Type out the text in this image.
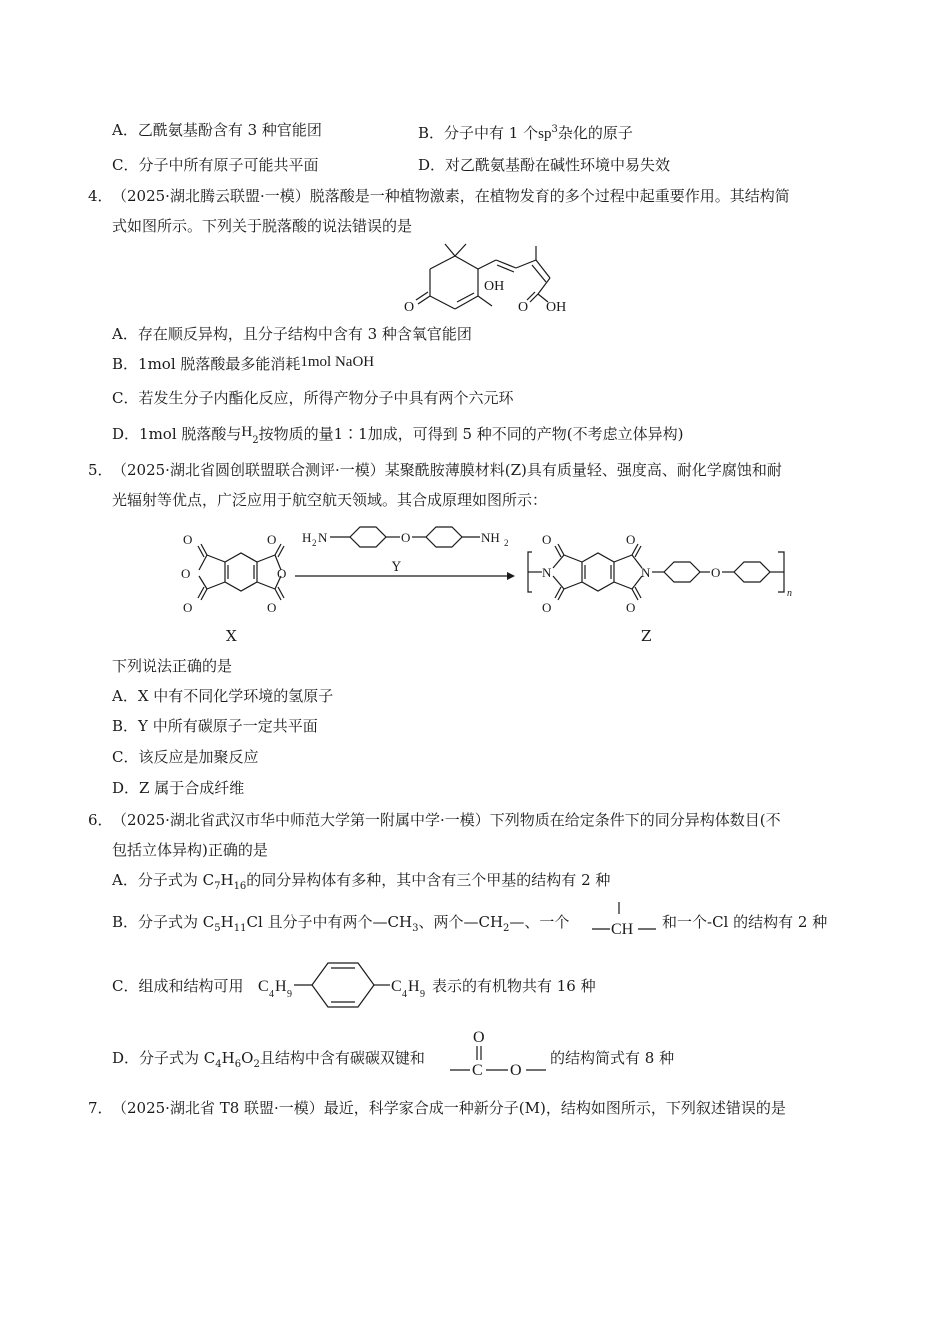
A．乙酰氨基酚含有 3 种官能团	B．分子中有 1 个$sp^3$杂化的原子
C．分子中所有原子可能共平面	D．对乙酰氨基酚在碱性环境中易失效
4． （2025·湖北腾云联盟·一模）脱落酸是一种植物激素，在植物发育的多个过程中起重要作用。其结构简
式如图所示。下列关于脱落酸的说法错误的是
O
OH
O OH
A．存在顺反异构，且分子结构中含有 3 种含氧官能团
B．1mol 脱落酸最多能消耗1mol NaOH
C．若发生分子内酯化反应，所得产物分子中具有两个六元环
D．1mol 脱落酸与$H_2$按物质的量1∶1加成，可得到 5 种不同的产物(不考虑立体异构)
5． （2025·湖北省圆创联盟联合测评·一模）某聚酰胺薄膜材料(Z)具有质量轻、强度高、耐化学腐蚀和耐
光辐射等优点，广泛应用于航空航天领域。其合成原理如图所示：
O
O
O
O
O
O
X
H 2 N	O	NH 2
Y	N
O
O
O
O
N	O
n
Z
下列说法正确的是
A．X 中有不同化学环境的氢原子
B．Y 中所有碳原子一定共平面
C．该反应是加聚反应
D．Z 属于合成纤维
6． （2025·湖北省武汉市华中师范大学第一附属中学·一模）下列物质在给定条件下的同分异构体数目(不
包括立体异构)正确的是
A．分子式为 $C_7H_{16}$的同分异构体有多种，其中含有三个甲基的结构有 2 种
B．分子式为 $C_5H_{11}Cl$ 且分子中有两个$—CH_3$、两个$—CH_2—$、一个	CH 和一个-Cl 的结构有 2 种
C．组成和结构可用 C 4 H 9	C 4 H 9 表示的有机物共有 16 种
D．分子式为 $C_4H_6O_2$且结构中含有碳碳双键和
O
C O
的结构简式有 8 种
7． （2025·湖北省 T8 联盟·一模）最近，科学家合成一种新分子(M)，结构如图所示，下列叙述错误的是
